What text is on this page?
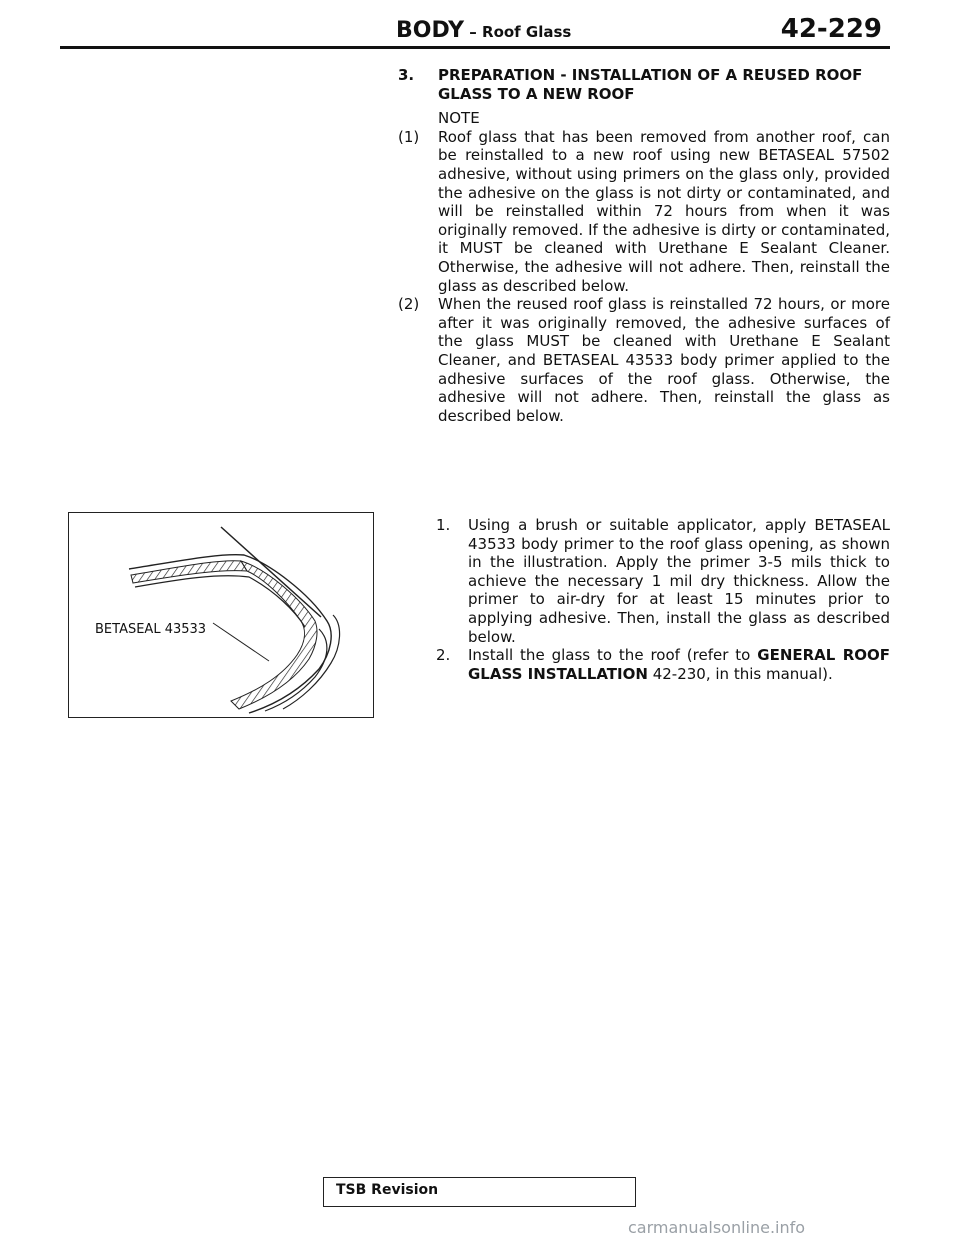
BODY – Roof Glass	42-229
3.	PREPARATION - INSTALLATION OF A REUSED ROOF
GLASS TO A NEW ROOF
NOTE
(1)	Roof glass that has been removed from another roof, can be reinstalled to a new roof using new BETASEAL 57502 adhesive, without using primers on the glass only, provided the adhesive on the glass is not dirty or contaminated, and will be reinstalled within 72 hours from when it was originally removed. If the adhesive is dirty or contaminated, it MUST be cleaned with Urethane E Sealant Cleaner. Otherwise, the adhesive will not adhere. Then, reinstall the glass as described below.
(2)	When the reused roof glass is reinstalled 72 hours, or more after it was originally removed, the adhesive surfaces of the glass MUST be cleaned with Urethane E Sealant Cleaner, and BETASEAL 43533 body primer applied to the adhesive surfaces of the roof glass. Otherwise, the adhesive will not adhere. Then, reinstall the glass as described below.
BETASEAL 43533
1.	Using a brush or suitable applicator, apply BETASEAL 43533 body primer to the roof glass opening, as shown in the illustration. Apply the primer 3-5 mils thick to achieve the necessary 1 mil dry thickness. Allow the primer to air-dry for at least 15 minutes prior to applying adhesive. Then, install the glass as described below.
2.	Install the glass to the roof (refer to GENERAL ROOF GLASS INSTALLATION 42-230, in this manual).
TSB Revision
carmanualsonline.info
